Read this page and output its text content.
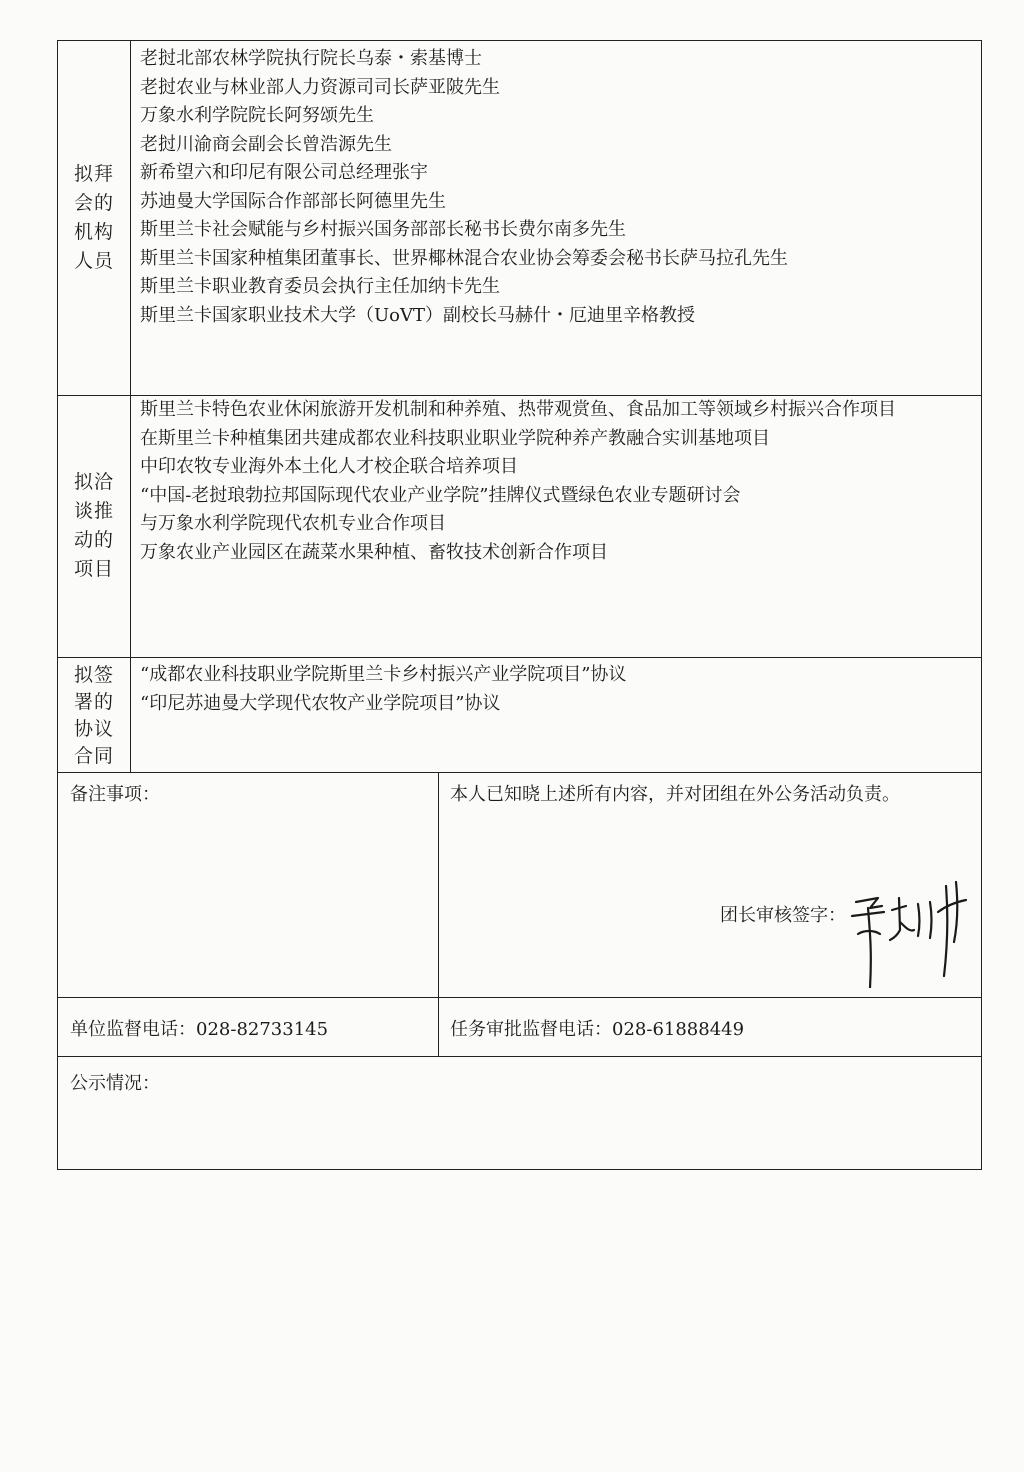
拟拜会的机构人员
老挝北部农林学院执行院长乌泰・索基博士
老挝农业与林业部人力资源司司长萨亚陂先生
万象水利学院院长阿努颂先生
老挝川渝商会副会长曾浩源先生
新希望六和印尼有限公司总经理张宇
苏迪曼大学国际合作部部长阿德里先生
斯里兰卡社会赋能与乡村振兴国务部部长秘书长费尔南多先生
斯里兰卡国家种植集团董事长、世界椰林混合农业协会筹委会秘书长萨马拉孔先生
斯里兰卡职业教育委员会执行主任加纳卡先生
斯里兰卡国家职业技术大学（UoVT）副校长马赫什・厄迪里辛格教授
拟洽谈推动的项目
斯里兰卡特色农业休闲旅游开发机制和种养殖、热带观赏鱼、食品加工等领域乡村振兴合作项目
在斯里兰卡种植集团共建成都农业科技职业职业学院种养产教融合实训基地项目
中印农牧专业海外本土化人才校企联合培养项目
“中国-老挝琅勃拉邦国际现代农业产业学院”挂牌仪式暨绿色农业专题研讨会
与万象水利学院现代农机专业合作项目
万象农业产业园区在蔬菜水果种植、畜牧技术创新合作项目
拟签署的协议合同
“成都农业科技职业学院斯里兰卡乡村振兴产业学院项目”协议
“印尼苏迪曼大学现代农牧产业学院项目”协议
备注事项：	本人已知晓上述所有内容，并对团组在外公务活动负责。
团长审核签字：
单位监督电话：028-82733145	任务审批监督电话：028-61888449
公示情况：
